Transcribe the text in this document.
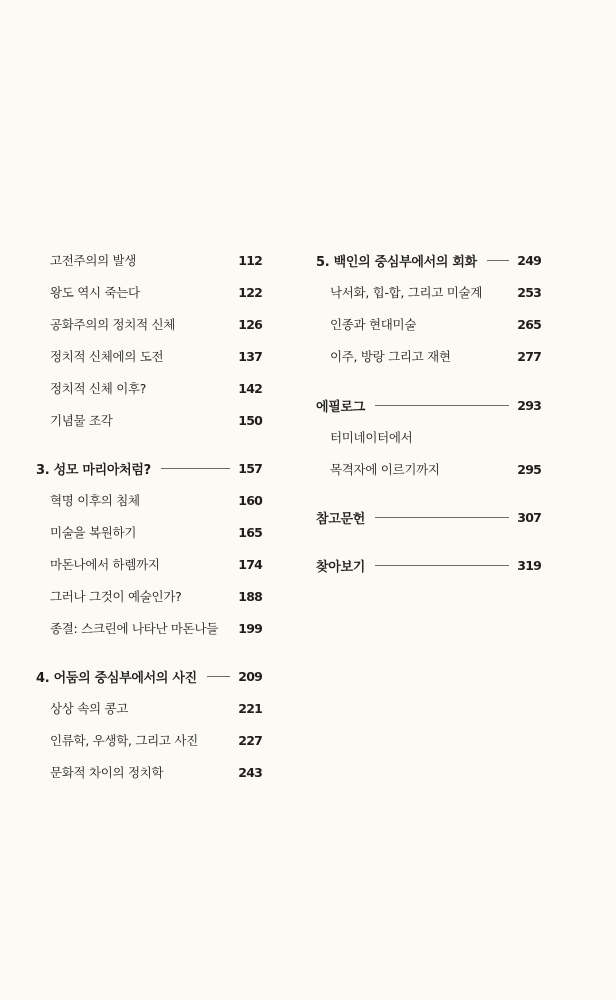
고전주의의 발생	112
왕도 역시 죽는다	122
공화주의의 정치적 신체	126
정치적 신체에의 도전	137
정치적 신체 이후?	142
기념물 조각	150
3. 성모 마리아처럼?	157
혁명 이후의 침체	160
미술을 복원하기	165
마돈나에서 하렘까지	174
그러나 그것이 예술인가?	188
종결: 스크린에 나타난 마돈나들 199
4. 어둠의 중심부에서의 사진	209
상상 속의 콩고	221
인류학, 우생학, 그리고 사진	227
문화적 차이의 정치학	243
5. 백인의 중심부에서의 회화	249
낙서화, 힙-합, 그리고 미술계	253
인종과 현대미술	265
이주, 방랑 그리고 재현	277
에필로그	293
터미네이터에서
목격자에 이르기까지	295
참고문헌	307
찾아보기	319
